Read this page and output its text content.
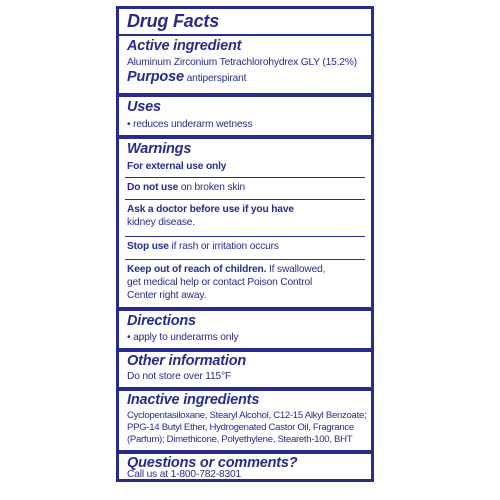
Drug Facts
Active ingredient
Aluminum Zirconium Tetrachlorohydrex GLY (15.2%)
Purpose antiperspirant
Uses
• reduces underarm wetness
Warnings
For external use only
Do not use on broken skin
Ask a doctor before use if you have
kidney disease.
Stop use if rash or irritation occurs
Keep out of reach of children. If swallowed,
get medical help or contact Poison Control
Center right away.
Directions
• apply to underarms only
Other information
Do not store over 115°F
Inactive ingredients
Cyclopentasiloxane, Stearyl Alcohol, C12-15 Alkyl Benzoate; PPG-14 Butyl Ether, Hydrogenated Castor Oil, Fragrance (Parfum); Dimethicone, Polyethylene, Steareth-100, BHT
Questions or comments?
Call us at 1-800-782-8301
